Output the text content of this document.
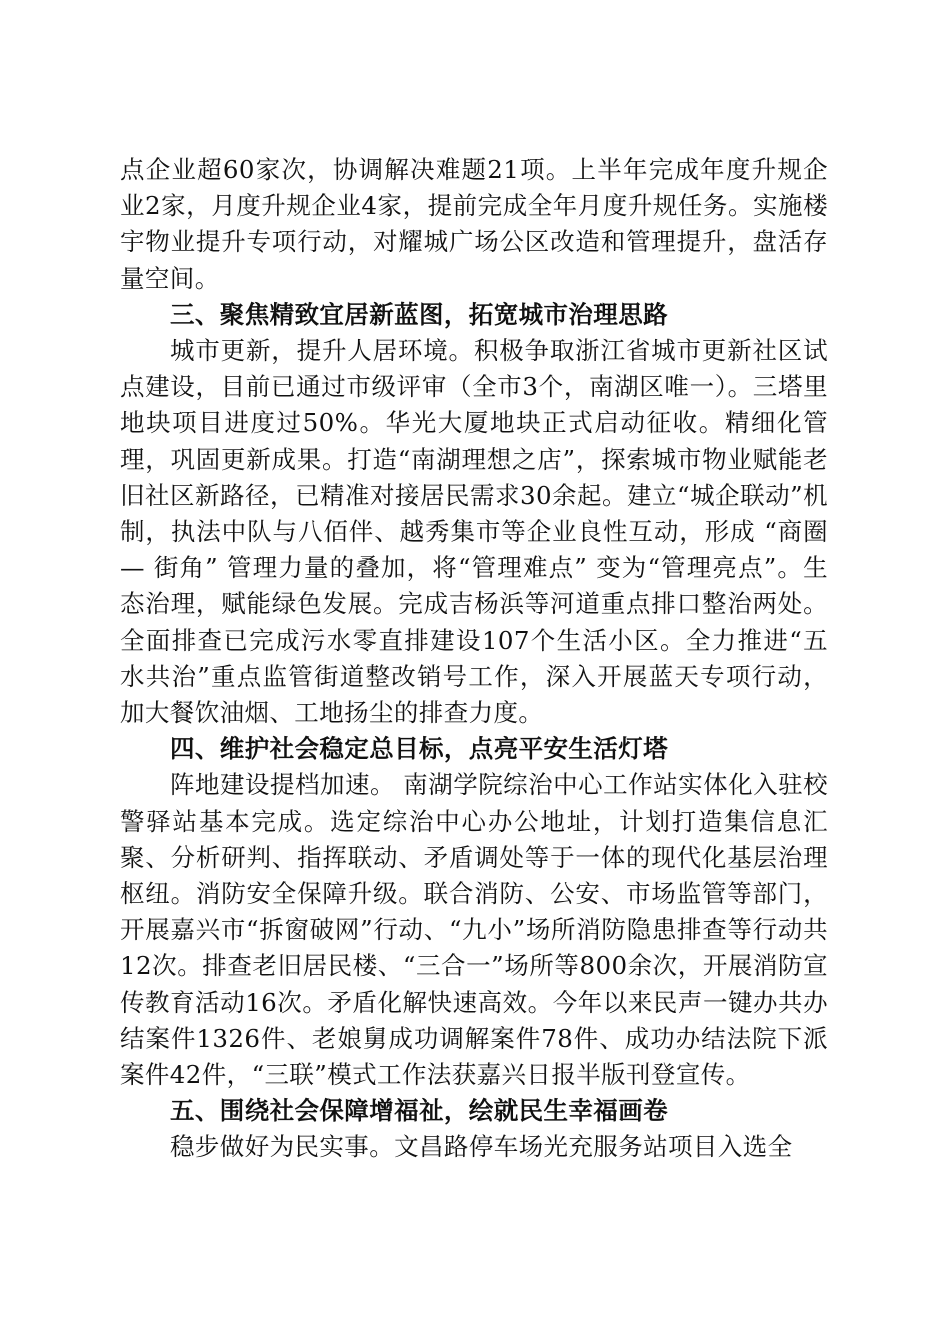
点企业超60家次，协调解决难题21项。上半年完成年度升规企业2家，月度升规企业4家，提前完成全年月度升规任务。实施楼宇物业提升专项行动，对耀城广场公区改造和管理提升，盘活存量空间。

三、聚焦精致宜居新蓝图，拓宽城市治理思路

城市更新，提升人居环境。积极争取浙江省城市更新社区试点建设，目前已通过市级评审（全市3个，南湖区唯一）。三塔里地块项目进度过50%。华光大厦地块正式启动征收。精细化管理，巩固更新成果。打造“南湖理想之店”，探索城市物业赋能老旧社区新路径，已精准对接居民需求30余起。建立“城企联动”机制，执法中队与八佰伴、越秀集市等企业良性互动，形成 “商圈 — 街角” 管理力量的叠加，将“管理难点” 变为“管理亮点”。生态治理，赋能绿色发展。完成吉杨浜等河道重点排口整治两处。全面排查已完成污水零直排建设107个生活小区。全力推进“五水共治”重点监管街道整改销号工作，深入开展蓝天专项行动，加大餐饮油烟、工地扬尘的排查力度。

四、维护社会稳定总目标，点亮平安生活灯塔

阵地建设提档加速。 南湖学院综治中心工作站实体化入驻校警驿站基本完成。选定综治中心办公地址，计划打造集信息汇聚、分析研判、指挥联动、矛盾调处等于一体的现代化基层治理枢纽。消防安全保障升级。联合消防、公安、市场监管等部门，开展嘉兴市“拆窗破网”行动、“九小”场所消防隐患排查等行动共12次。排查老旧居民楼、“三合一”场所等800余次，开展消防宣传教育活动16次。矛盾化解快速高效。今年以来民声一键办共办结案件1326件、老娘舅成功调解案件78件、成功办结法院下派案件42件，“三联”模式工作法获嘉兴日报半版刊登宣传。

五、围绕社会保障增福祉，绘就民生幸福画卷

稳步做好为民实事。文昌路停车场光充服务站项目入选全
